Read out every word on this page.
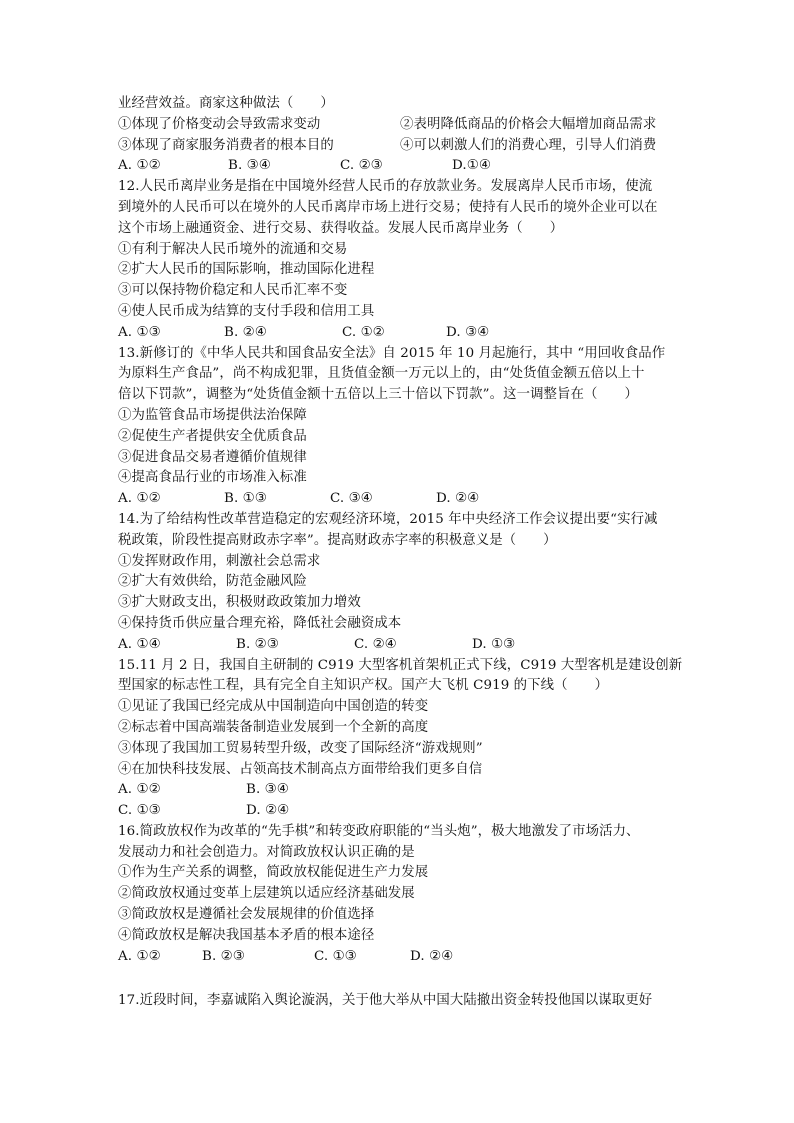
业经营效益。商家这种做法（　　）
①体现了价格变动会导致需求变动	②表明降低商品的价格会大幅增加商品需求
③体现了商家服务消费者的根本目的	④可以刺激人们的消费心理，引导人们消费
A. ①②	B. ③④	C. ②③	D.①④
12.人民币离岸业务是指在中国境外经营人民币的存放款业务。发展离岸人民币市场，使流
到境外的人民币可以在境外的人民币离岸市场上进行交易；使持有人民币的境外企业可以在
这个市场上融通资金、进行交易、获得收益。发展人民币离岸业务（　　）
①有利于解决人民币境外的流通和交易
②扩大人民币的国际影响，推动国际化进程
③可以保持物价稳定和人民币汇率不变
④使人民币成为结算的支付手段和信用工具
A. ①③	B. ②④	C. ①②	D. ③④
13.新修订的《中华人民共和国食品安全法》自 2015 年 10 月起施行，其中 “用回收食品作
为原料生产食品”，尚不构成犯罪，且货值金额一万元以上的，由“处货值金额五倍以上十
倍以下罚款”，调整为“处货值金额十五倍以上三十倍以下罚款”。这一调整旨在（　　）
①为监管食品市场提供法治保障
②促使生产者提供安全优质食品
③促进食品交易者遵循价值规律
④提高食品行业的市场准入标准
A. ①②	B. ①③	C. ③④	D. ②④
14.为了给结构性改革营造稳定的宏观经济环境，2015 年中央经济工作会议提出要“实行减
税政策，阶段性提高财政赤字率”。提高财政赤字率的积极意义是（　　）
①发挥财政作用，刺激社会总需求
②扩大有效供给，防范金融风险
③扩大财政支出，积极财政政策加力增效
④保持货币供应量合理充裕，降低社会融资成本
A. ①④	B. ②③	C. ②④	D. ①③
15.11 月 2 日，我国自主研制的 C919 大型客机首架机正式下线，C919 大型客机是建设创新
型国家的标志性工程，具有完全自主知识产权。国产大飞机 C919 的下线（　　）
①见证了我国已经完成从中国制造向中国创造的转变
②标志着中国高端装备制造业发展到一个全新的高度
③体现了我国加工贸易转型升级，改变了国际经济“游戏规则”
④在加快科技发展、占领高技术制高点方面带给我们更多自信
A. ①②	B. ③④
C. ①③	D. ②④
16.简政放权作为改革的“先手棋”和转变政府职能的“当头炮”，极大地激发了市场活力、
发展动力和社会创造力。对简政放权认识正确的是
①作为生产关系的调整，简政放权能促进生产力发展
②简政放权通过变革上层建筑以适应经济基础发展
③简政放权是遵循社会发展规律的价值选择
④简政放权是解决我国基本矛盾的根本途径
A. ①②	B. ②③	C. ①③	D. ②④
17.近段时间，李嘉诚陷入舆论漩涡，关于他大举从中国大陆撤出资金转投他国以谋取更好
